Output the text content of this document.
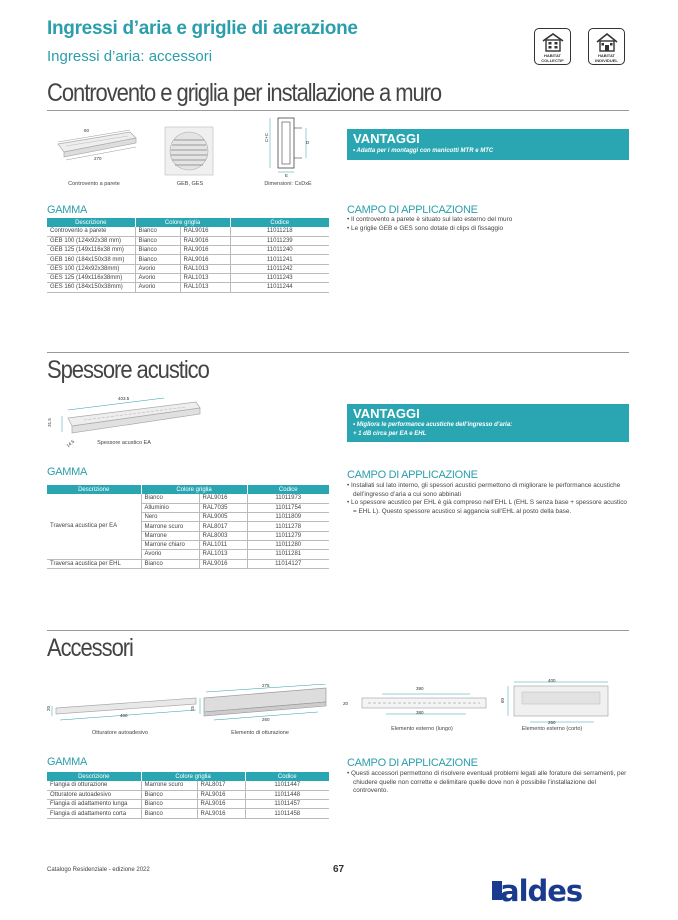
Ingressi d’aria e griglie di aerazione
Ingressi d’aria: accessori	HABITAT
COLLECTIF
HABITAT
INDIVIDUEL
Controvento e griglia per installazione a muro
60
270
C+C
D
E
Controvento a parete	GEB, GES	Dimensioni: CxDxE
VANTAGGI
• Adatta per i montaggi con manicotti MTR e MTC
GAMMA
Descrizione	Colore griglia		Codice
Controvento a parete	Bianco	RAL9016	11011218
GEB 100 (124x92x38 mm)	Bianco	RAL9016	11011239
GEB 125 (149x116x38 mm)	Bianco	RAL9016	11011240
GEB 160 (184x150x38 mm)	Bianco	RAL9016	11011241
GES 100 (124x92x38mm)	Avorio	RAL1013	11011242
GES 125 (149x116x38mm)	Avorio	RAL1013	11011243
GES 160 (184x150x38mm)	Avorio	RAL1013	11011244
CAMPO DI APPLICAZIONE
• Il controvento a parete è situato sul lato esterno del muro
• Le griglie GEB e GES sono dotate di clips di fissaggio
Spessore acustico
403.5
31.5
14.5	Spessore acustico EA
VANTAGGI
• Migliora le performance acustiche dell’ingresso d’aria:
+ 1 dB circa per EA e EHL
GAMMA
Descrizione	Colore griglia		Codice
Traversa acustica per EA	Bianco	RAL9016	11011973
	Alluminio	RAL7035	11011754
	Nero	RAL9005	11011809
	Marrone scuro	RAL8017	11011278
	Marrone	RAL8003	11011279
	Marrone chiaro	RAL1011	11011280
	Avorio	RAL1013	11011281
Traversa acustica per EHL	Bianco	RAL9016	11014127
CAMPO DI APPLICAZIONE
• Installati sul lato interno, gli spessori acustici permettono di migliorare le performance acustiche dell’ingresso d’aria a cui sono abbinati
• Lo spessore acustico per EHL è già compreso nell’EHL L (EHL S senza base + spessore acustico = EHL L). Questo spessore acustico si aggancia sull’EHL al posto della base.
Accessori
20
400
275
25
260
390
20
380
400
60
260
Otturatore autoadesivo	Elemento di otturazione
Elemento esterno (lungo)	Elemento esterno (corto)
GAMMA
Descrizione	Colore griglia		Codice
Flangia di otturazione	Marrone scuro	RAL8017	11011447
Otturatore autoadesivo	Bianco	RAL9016	11011448
Flangia di adattamento lunga	Bianco	RAL9016	11011457
Flangia di adattamento corta	Bianco	RAL9016	11011458
CAMPO DI APPLICAZIONE
• Questi accessori permettono di risolvere eventuali problemi legati alle forature dei serramenti, per chiudere quelle non corrette e delimitare quelle dove non è possibile l’installazione del controvento.
Catalogo Residenziale - edizione 2022	67
aldes
